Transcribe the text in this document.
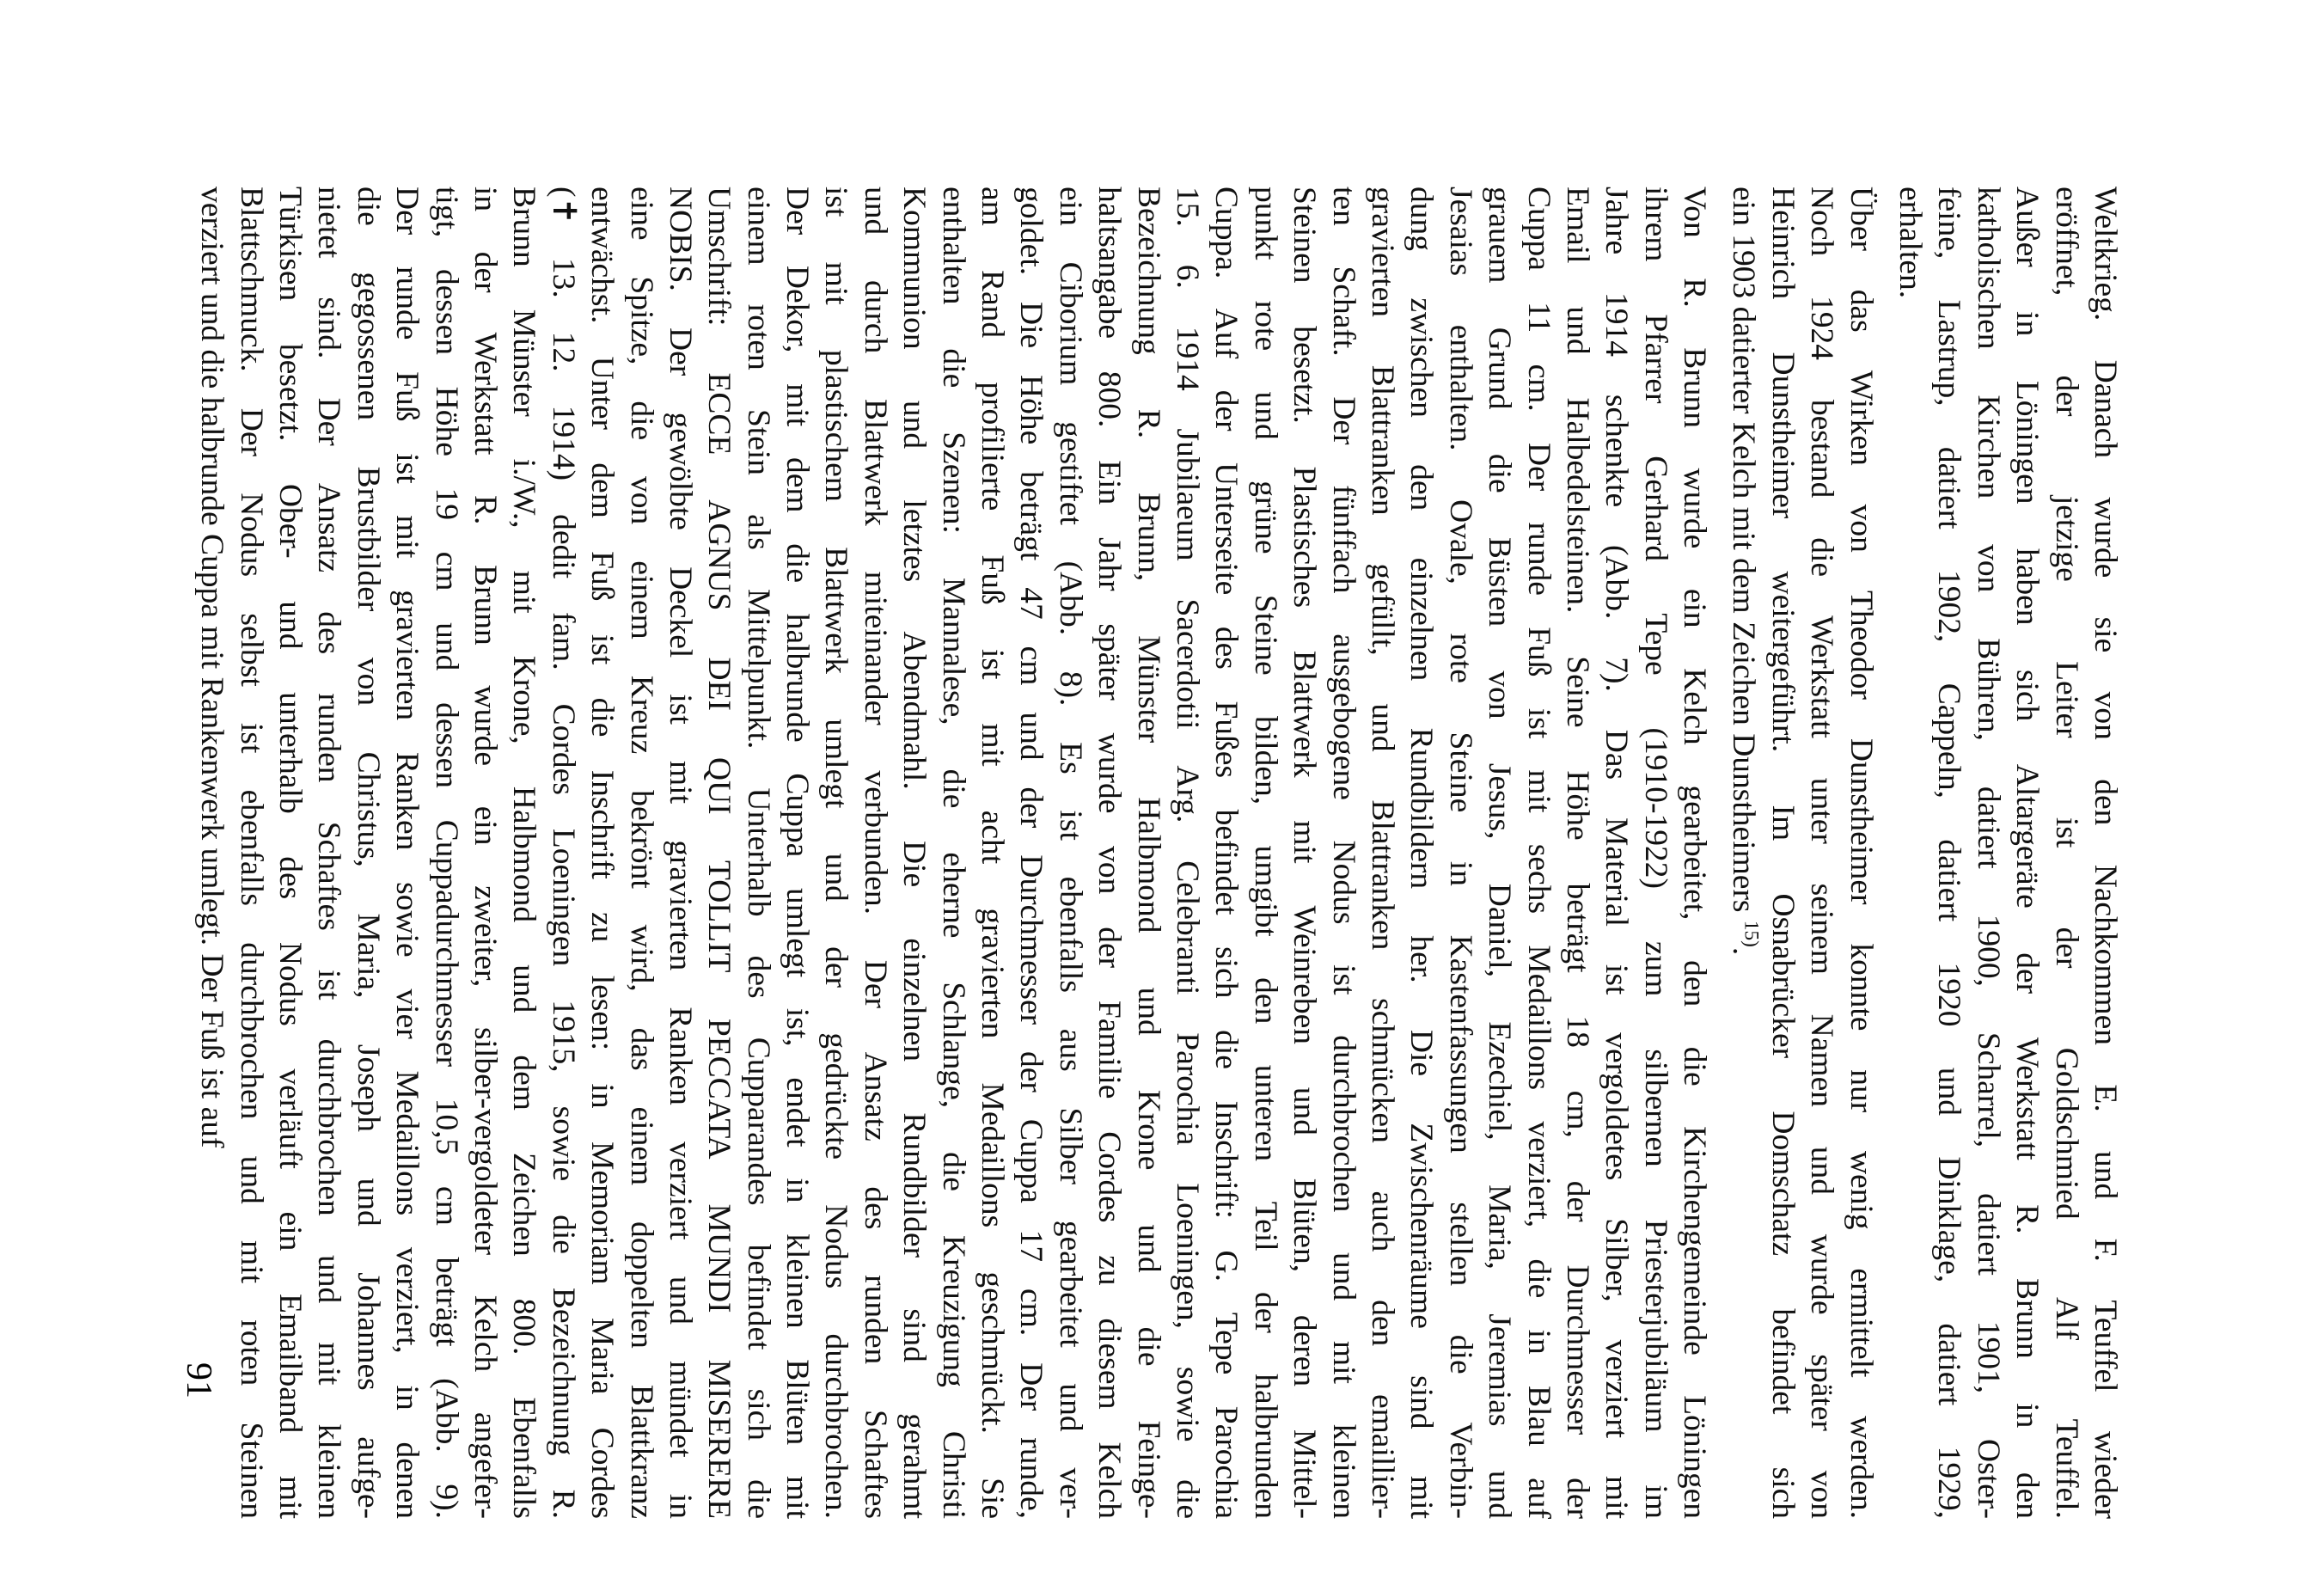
Weltkrieg. Danach wurde sie von den Nachkommen E. und F. Teuffel wieder
eröffnet, der jetzige Leiter ist der Goldschmied Alf Teuffel.
Außer in Löningen haben sich Altargeräte der Werkstatt R. Brunn in den
katholischen Kirchen von Bühren, datiert 1900, Scharrel, datiert 1901, Oster-
feine, Lastrup, datiert 1902, Cappeln, datiert 1920 und Dinklage, datiert 1929,
erhalten.
Über das Wirken von Theodor Dunstheimer konnte nur wenig ermittelt werden.
Noch 1924 bestand die Werkstatt unter seinem Namen und wurde später von
Heinrich Dunstheimer weitergeführt. Im Osnabrücker Domschatz befindet sich
ein 1903 datierter Kelch mit dem Zeichen Dunstheimers $^{15)}$.
Von R. Brunn wurde ein Kelch gearbeitet, den die Kirchengemeinde Löningen
ihrem Pfarrer Gerhard Tepe (1910-1922) zum silbernen Priesterjubiläum im
Jahre 1914 schenkte (Abb. 7). Das Material ist vergoldetes Silber, verziert mit
Email und Halbedelsteinen. Seine Höhe beträgt 18 cm, der Durchmesser der
Cuppa 11 cm. Der runde Fuß ist mit sechs Medaillons verziert, die in Blau auf
grauem Grund die Büsten von Jesus, Daniel, Ezechiel, Maria, Jeremias und
Jesaias enthalten. Ovale, rote Steine in Kastenfassungen stellen die Verbin-
dung zwischen den einzelnen Rundbildern her. Die Zwischenräume sind mit
gravierten Blattranken gefüllt, und Blattranken schmücken auch den emaillier-
ten Schaft. Der fünffach ausgebogene Nodus ist durchbrochen und mit kleinen
Steinen besetzt. Plastisches Blattwerk mit Weinreben und Blüten, deren Mittel-
punkt rote und grüne Steine bilden, umgibt den unteren Teil der halbrunden
Cuppa. Auf der Unterseite des Fußes befindet sich die Inschrift: G. Tepe Parochia
15. 6. 1914 Jubilaeum Sacerdotii Arg. Celebranti Parochia Loeningen, sowie die
Bezeichnung R. Brunn, Münster Halbmond und Krone und die Feinge-
haltsangabe 800. Ein Jahr später wurde von der Familie Cordes zu diesem Kelch
ein Ciborium gestiftet (Abb. 8). Es ist ebenfalls aus Silber gearbeitet und ver-
goldet. Die Höhe beträgt 47 cm und der Durchmesser der Cuppa 17 cm. Der runde,
am Rand profilierte Fuß ist mit acht gravierten Medaillons geschmückt. Sie
enthalten die Szenen: Mannalese, die eherne Schlange, die Kreuzigung Christi
Kommunion und letztes Abendmahl. Die einzelnen Rundbilder sind gerahmt
und durch Blattwerk miteinander verbunden. Der Ansatz des runden Schaftes
ist mit plastischem Blattwerk umlegt und der gedrückte Nodus durchbrochen.
Der Dekor, mit dem die halbrunde Cuppa umlegt ist, endet in kleinen Blüten mit
einem roten Stein als Mittelpunkt. Unterhalb des Cupparandes befindet sich die
Umschrift: ECCE AGNUS DEI QUI TOLLIT PECCATA MUNDI MISERERE
NOBIS. Der gewölbte Deckel ist mit gravierten Ranken verziert und mündet in
eine Spitze, die von einem Kreuz bekrönt wird, das einem doppelten Blattkranz
entwächst. Unter dem Fuß ist die Inschrift zu lesen: in Memoriam Maria Cordes
(✝ 13. 12. 1914) dedit fam. Cordes Loeningen 1915, sowie die Bezeichnung R.
Brunn Münster i./W., mit Krone, Halbmond und dem Zeichen 800. Ebenfalls
in der Werkstatt R. Brunn wurde ein zweiter, silber-vergoldeter Kelch angefer-
tigt, dessen Höhe 19 cm und dessen Cuppadurchmesser 10,5 cm beträgt (Abb. 9).
Der runde Fuß ist mit gravierten Ranken sowie vier Medaillons verziert, in denen
die gegossenen Brustbilder von Christus, Maria, Joseph und Johannes aufge-
nietet sind. Der Ansatz des runden Schaftes ist durchbrochen und mit kleinen
Türkisen besetzt. Ober- und unterhalb des Nodus verläuft ein Emailband mit
Blattschmuck. Der Nodus selbst ist ebenfalls durchbrochen und mit roten Steinen
verziert und die halbrunde Cuppa mit Rankenwerk umlegt. Der Fuß ist auf
91
